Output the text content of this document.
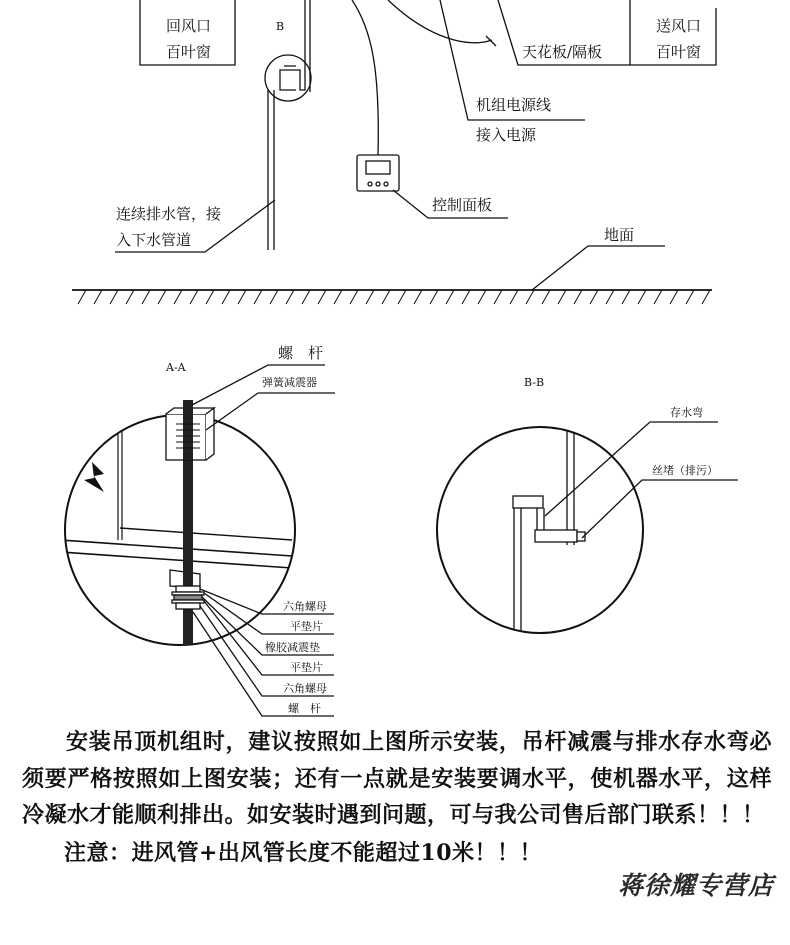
回风口
百叶窗
B
天花板/隔板
送风口
百叶窗
机组电源线
接入电源
控制面板
连续排水管，接
入下水管道	地面
A-A
螺　杆
弹簧减震器
六角螺母
平垫片
橡胶减震垫
平垫片
六角螺母
螺　杆
B-B
存水弯
丝堵（排污）

安装吊顶机组时，建议按照如上图所示安装，吊杆减震与排水存水弯必须要严格按照如上图安装；还有一点就是安装要调水平，使机器水平，这样冷凝水才能顺利排出。如安装时遇到问题，可与我公司售后部门联系！！！

注意：进风管+出风管长度不能超过10米！！！

蒋徐耀专营店
